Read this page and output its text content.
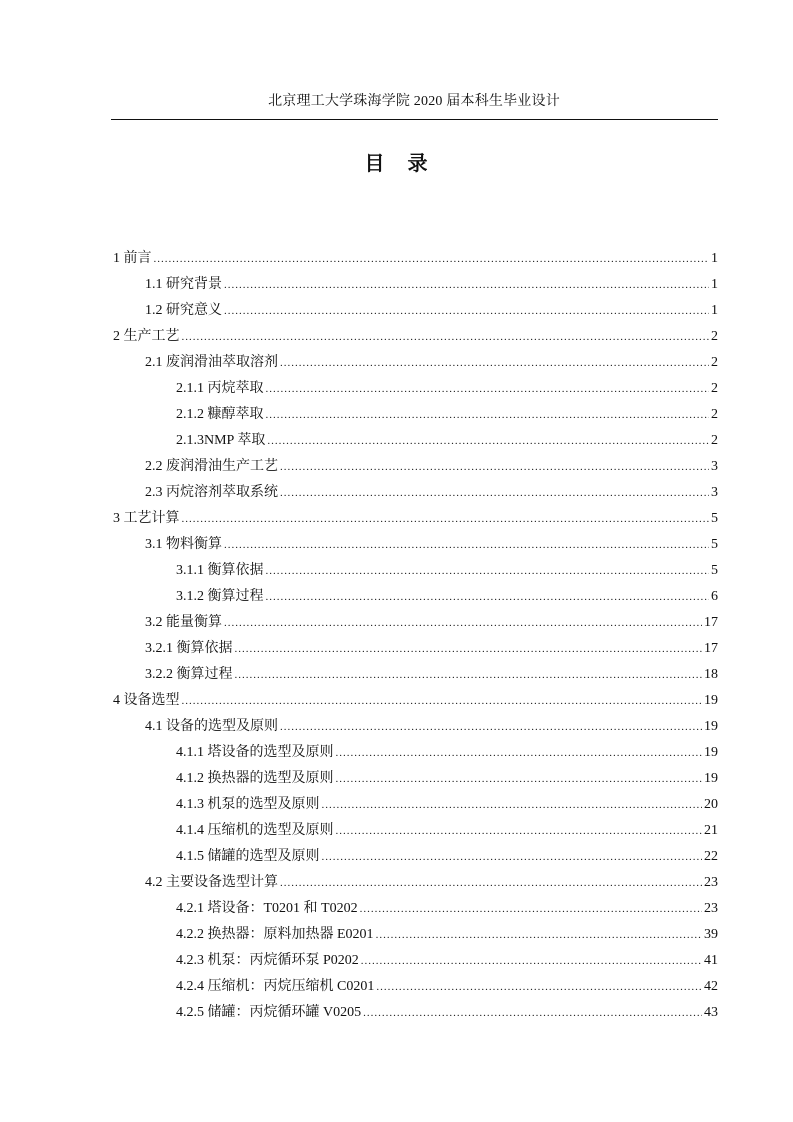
北京理工大学珠海学院 2020 届本科生毕业设计
目 录
1 前言 .....	1
1.1 研究背景 .....	1
1.2 研究意义 .....	1
2 生产工艺 .....	2
2.1 废润滑油萃取溶剂 .....	2
2.1.1 丙烷萃取 .....	2
2.1.2 糠醇萃取 .....	2
2.1.3NMP 萃取 .....	2
2.2 废润滑油生产工艺 .....	3
2.3 丙烷溶剂萃取系统 .....	3
3 工艺计算 .....	5
3.1 物料衡算 .....	5
3.1.1 衡算依据 .....	5
3.1.2 衡算过程 .....	6
3.2 能量衡算 .....	17
3.2.1 衡算依据 .....	17
3.2.2 衡算过程 .....	18
4 设备选型 .....	19
4.1 设备的选型及原则 .....	19
4.1.1 塔设备的选型及原则 .....	19
4.1.2 换热器的选型及原则 .....	19
4.1.3 机泵的选型及原则 .....	20
4.1.4 压缩机的选型及原则 .....	21
4.1.5 储罐的选型及原则 .....	22
4.2 主要设备选型计算 .....	23
4.2.1 塔设备：T0201 和 T0202 .....	23
4.2.2 换热器：原料加热器 E0201 .....	39
4.2.3 机泵：丙烷循环泵 P0202 .....	41
4.2.4 压缩机：丙烷压缩机 C0201 .....	42
4.2.5 储罐：丙烷循环罐 V0205 .....	43
